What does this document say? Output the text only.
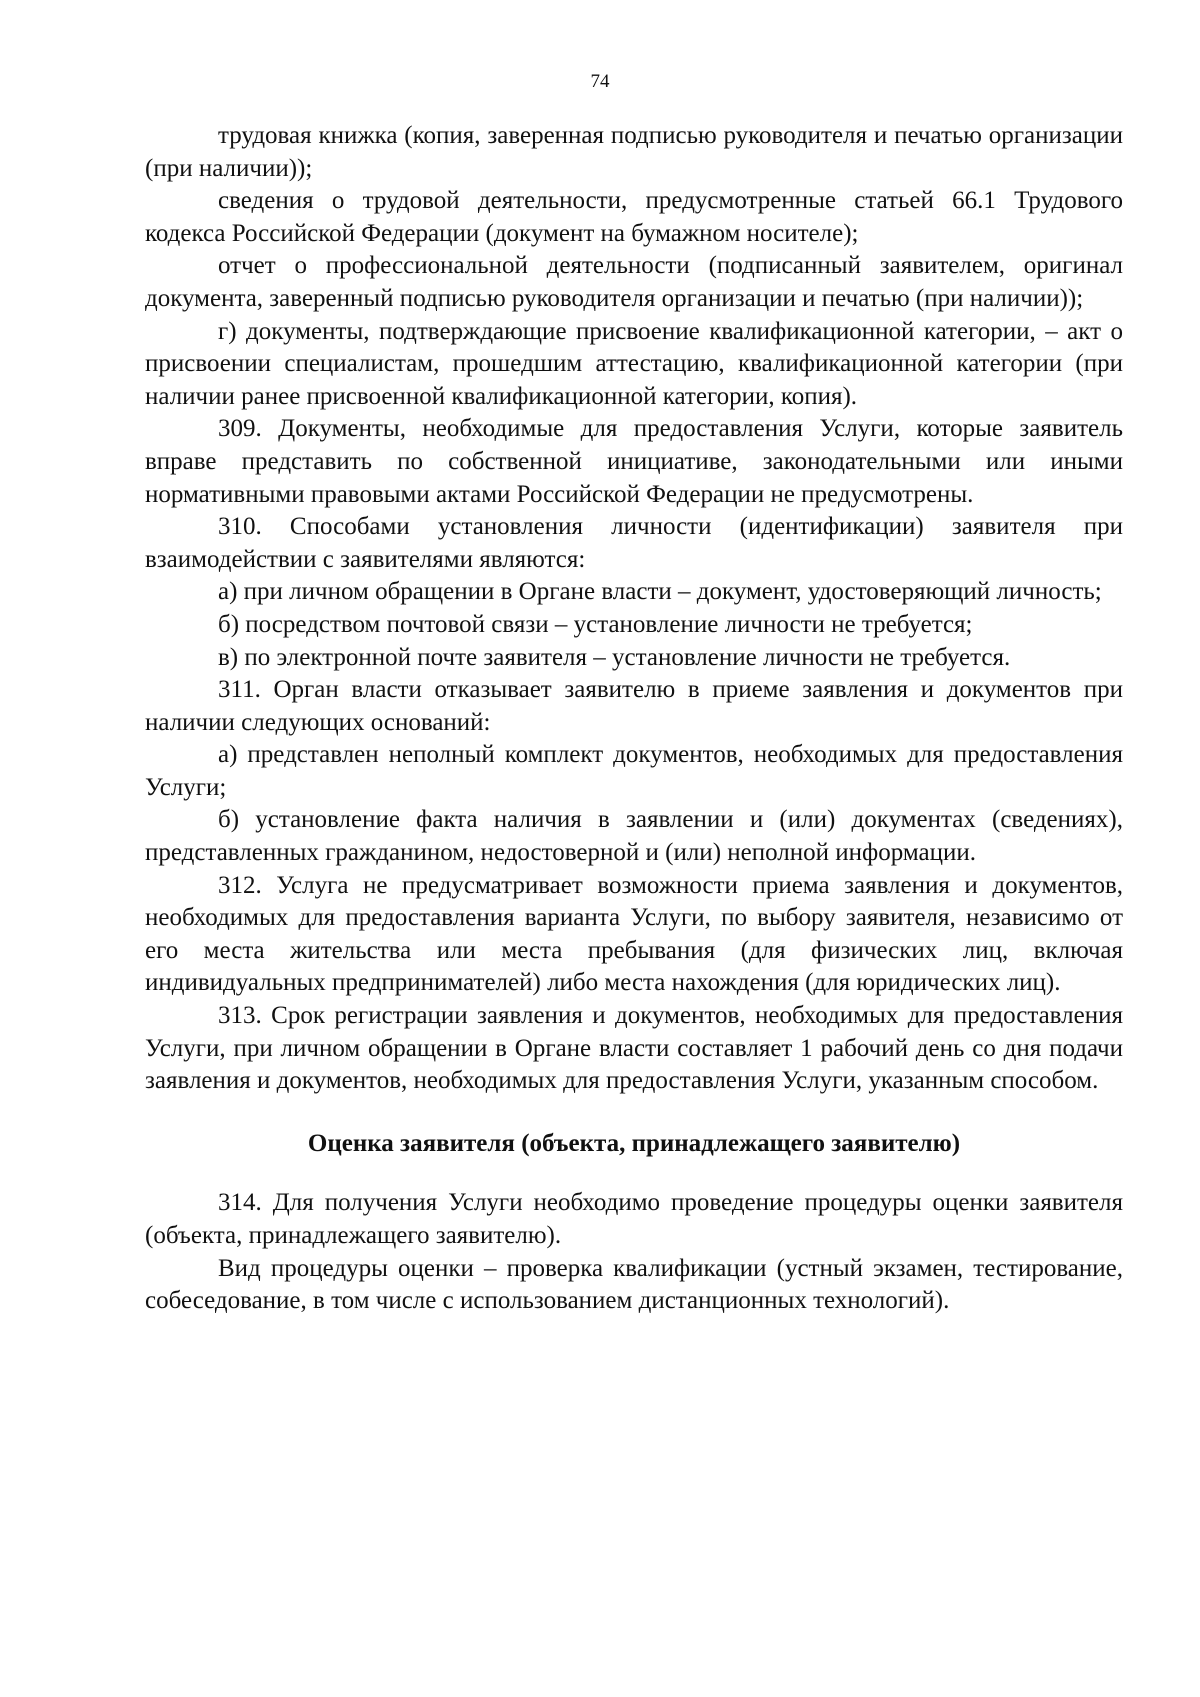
74

трудовая книжка (копия, заверенная подписью руководителя и печатью организации (при наличии));

сведения о трудовой деятельности, предусмотренные статьей 66.1 Трудового кодекса Российской Федерации (документ на бумажном носителе);

отчет о профессиональной деятельности (подписанный заявителем, оригинал документа, заверенный подписью руководителя организации и печатью (при наличии));

г) документы, подтверждающие присвоение квалификационной категории, – акт о присвоении специалистам, прошедшим аттестацию, квалификационной категории (при наличии ранее присвоенной квалификационной категории, копия).

309. Документы, необходимые для предоставления Услуги, которые заявитель вправе представить по собственной инициативе, законодательными или иными нормативными правовыми актами Российской Федерации не предусмотрены.

310. Способами установления личности (идентификации) заявителя при взаимодействии с заявителями являются:

а) при личном обращении в Органе власти – документ, удостоверяющий личность;

б) посредством почтовой связи – установление личности не требуется;

в) по электронной почте заявителя – установление личности не требуется.

311. Орган власти отказывает заявителю в приеме заявления и документов при наличии следующих оснований:

а) представлен неполный комплект документов, необходимых для предоставления Услуги;

б) установление факта наличия в заявлении и (или) документах (сведениях), представленных гражданином, недостоверной и (или) неполной информации.

312. Услуга не предусматривает возможности приема заявления и документов, необходимых для предоставления варианта Услуги, по выбору заявителя, независимо от его места жительства или места пребывания (для физических лиц, включая индивидуальных предпринимателей) либо места нахождения (для юридических лиц).

313. Срок регистрации заявления и документов, необходимых для предоставления Услуги, при личном обращении в Органе власти составляет 1 рабочий день со дня подачи заявления и документов, необходимых для предоставления Услуги, указанным способом.

Оценка заявителя (объекта, принадлежащего заявителю)

314. Для получения Услуги необходимо проведение процедуры оценки заявителя (объекта, принадлежащего заявителю).

Вид процедуры оценки – проверка квалификации (устный экзамен, тестирование, собеседование, в том числе с использованием дистанционных технологий).
